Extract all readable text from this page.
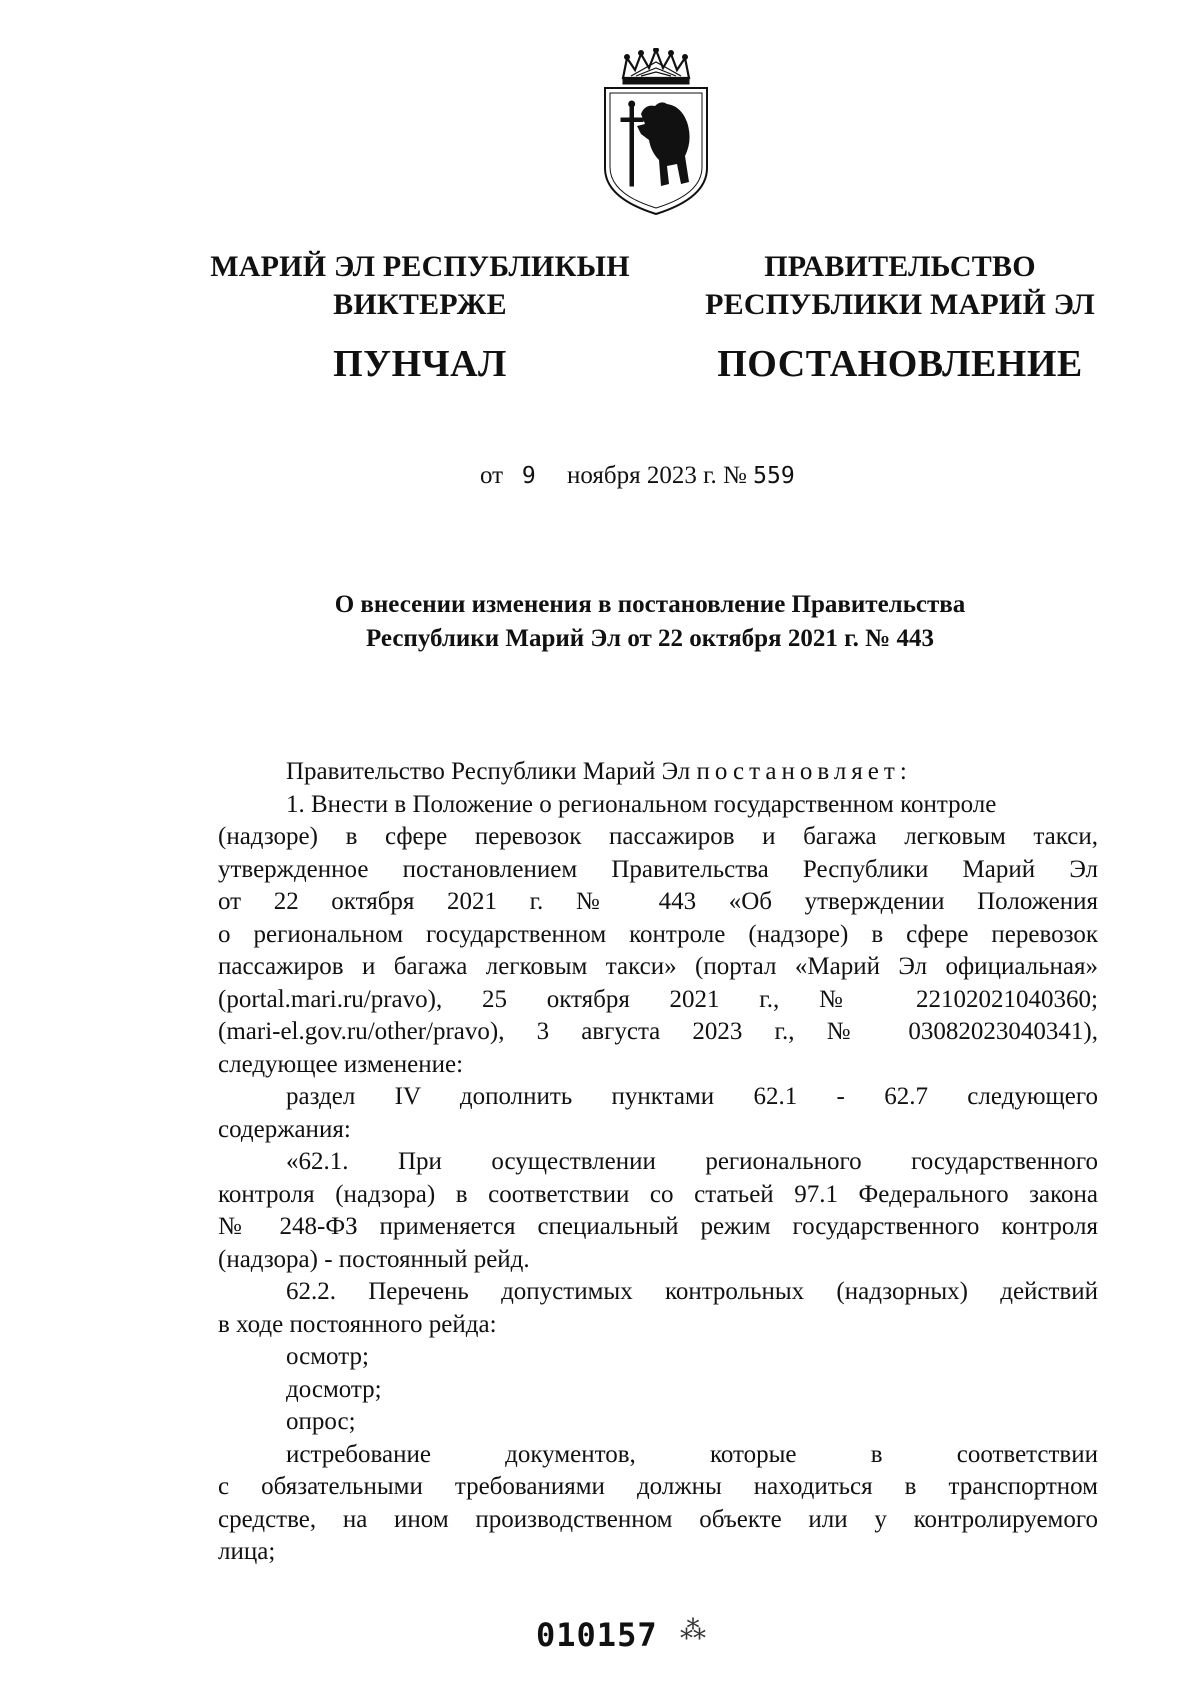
МАРИЙ ЭЛ РЕСПУБЛИКЫН
ВИКТЕРЖЕ
ПУНЧАЛ
ПРАВИТЕЛЬСТВО
РЕСПУБЛИКИ МАРИЙ ЭЛ
ПОСТАНОВЛЕНИЕ
от 9 ноября 2023 г. № 559
О внесении изменения в постановление Правительства
Республики Марий Эл от 22 октября 2021 г. № 443
Правительство Республики Марий Эл постановляет:
1. Внести в Положение о региональном государственном контроле
(надзоре) в сфере перевозок пассажиров и багажа легковым такси,
утвержденное постановлением Правительства Республики Марий Эл
от 22 октября 2021 г. № 443 «Об утверждении Положения
о региональном государственном контроле (надзоре) в сфере перевозок
пассажиров и багажа легковым такси» (портал «Марий Эл официальная»
(portal.mari.ru/pravo), 25 октября 2021 г., № 22102021040360;
(mari-el.gov.ru/other/pravo), 3 августа 2023 г., № 03082023040341),
следующее изменение:
раздел IV дополнить пунктами 62.1 - 62.7 следующего
содержания:
«62.1. При осуществлении регионального государственного
контроля (надзора) в соответствии со статьей 97.1 Федерального закона
№ 248-ФЗ применяется специальный режим государственного контроля
(надзора) - постоянный рейд.
62.2. Перечень допустимых контрольных (надзорных) действий
в ходе постоянного рейда:
осмотр;
досмотр;
опрос;
истребование документов, которые в соответствии
с обязательными требованиями должны находиться в транспортном
средстве, на ином производственном объекте или у контролируемого
лица;
010157 ⁂
